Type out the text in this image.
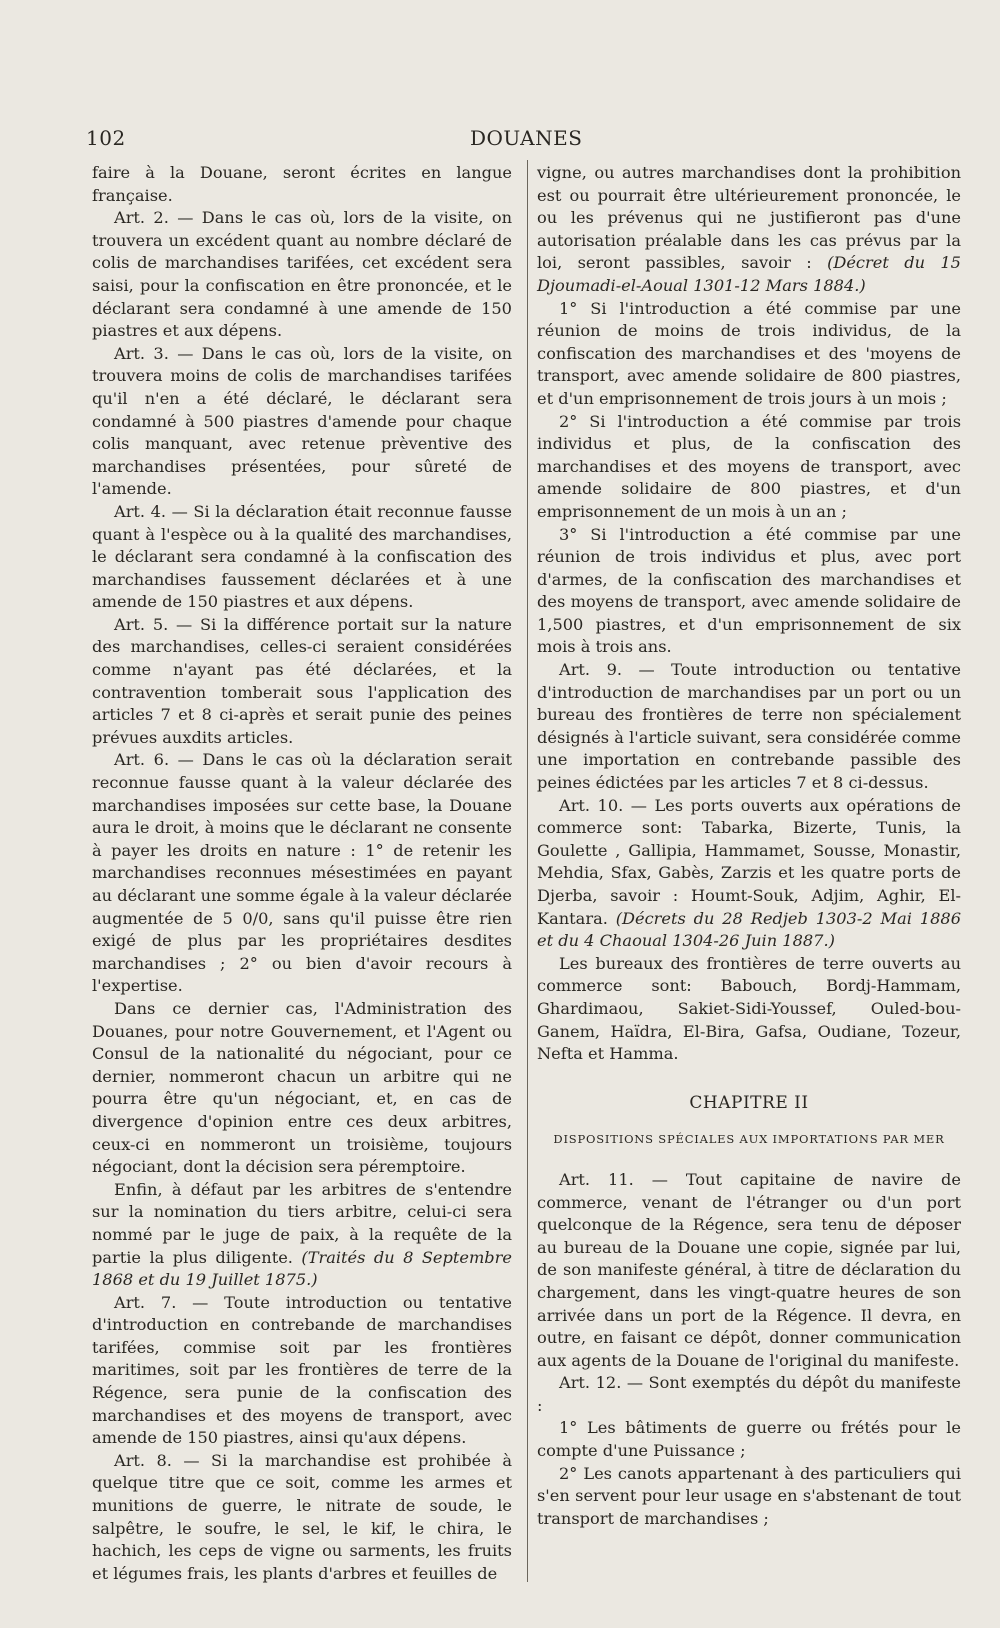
102	DOUANES

faire à la Douane, seront écrites en langue française.

Art. 2. — Dans le cas où, lors de la visite, on trouvera un excédent quant au nombre déclaré de colis de marchandises tarifées, cet excédent sera saisi, pour la confiscation en être prononcée, et le déclarant sera condamné à une amende de 150 piastres et aux dépens.

Art. 3. — Dans le cas où, lors de la visite, on trouvera moins de colis de marchandises tarifées qu'il n'en a été déclaré, le déclarant sera condamné à 500 piastres d'amende pour chaque colis manquant, avec retenue prèventive des marchandises présentées, pour sûreté de l'amende.

Art. 4. — Si la déclaration était reconnue fausse quant à l'espèce ou à la qualité des marchandises, le déclarant sera condamné à la confiscation des marchandises faussement déclarées et à une amende de 150 piastres et aux dépens.

Art. 5. — Si la différence portait sur la nature des marchandises, celles-ci seraient considérées comme n'ayant pas été déclarées, et la contravention tomberait sous l'application des articles 7 et 8 ci-après et serait punie des peines prévues auxdits articles.

Art. 6. — Dans le cas où la déclaration serait reconnue fausse quant à la valeur déclarée des marchandises imposées sur cette base, la Douane aura le droit, à moins que le déclarant ne consente à payer les droits en nature : 1° de retenir les marchandises reconnues mésestimées en payant au déclarant une somme égale à la valeur déclarée augmentée de 5 0/0, sans qu'il puisse être rien exigé de plus par les propriétaires desdites marchandises ; 2° ou bien d'avoir recours à l'expertise.

Dans ce dernier cas, l'Administration des Douanes, pour notre Gouvernement, et l'Agent ou Consul de la nationalité du négociant, pour ce dernier, nommeront chacun un arbitre qui ne pourra être qu'un négociant, et, en cas de divergence d'opinion entre ces deux arbitres, ceux-ci en nommeront un troisième, toujours négociant, dont la décision sera péremptoire.

Enfin, à défaut par les arbitres de s'entendre sur la nomination du tiers arbitre, celui-ci sera nommé par le juge de paix, à la requête de la partie la plus diligente. (Traités du 8 Septembre 1868 et du 19 Juillet 1875.)

Art. 7. — Toute introduction ou tentative d'introduction en contrebande de marchandises tarifées, commise soit par les frontières maritimes, soit par les frontières de terre de la Régence, sera punie de la confiscation des marchandises et des moyens de transport, avec amende de 150 piastres, ainsi qu'aux dépens.

Art. 8. — Si la marchandise est prohibée à quelque titre que ce soit, comme les armes et munitions de guerre, le nitrate de soude, le salpêtre, le soufre, le sel, le kif, le chira, le hachich, les ceps de vigne ou sarments, les fruits et légumes frais, les plants d'arbres et feuilles de

vigne, ou autres marchandises dont la prohibition est ou pourrait être ultérieurement prononcée, le ou les prévenus qui ne justifieront pas d'une autorisation préalable dans les cas prévus par la loi, seront passibles, savoir : (Décret du 15 Djoumadi-el-Aoual 1301-12 Mars 1884.)

1° Si l'introduction a été commise par une réunion de moins de trois individus, de la confiscation des marchandises et des 'moyens de transport, avec amende solidaire de 800 piastres, et d'un emprisonnement de trois jours à un mois ;

2° Si l'introduction a été commise par trois individus et plus, de la confiscation des marchandises et des moyens de transport, avec amende solidaire de 800 piastres, et d'un emprisonnement de un mois à un an ;

3° Si l'introduction a été commise par une réunion de trois individus et plus, avec port d'armes, de la confiscation des marchandises et des moyens de transport, avec amende solidaire de 1,500 piastres, et d'un emprisonnement de six mois à trois ans.

Art. 9. — Toute introduction ou tentative d'introduction de marchandises par un port ou un bureau des frontières de terre non spécialement désignés à l'article suivant, sera considérée comme une importation en contrebande passible des peines édictées par les articles 7 et 8 ci-dessus.

Art. 10. — Les ports ouverts aux opérations de commerce sont: Tabarka, Bizerte, Tunis, la Goulette , Gallipia, Hammamet, Sousse, Monastir, Mehdia, Sfax, Gabès, Zarzis et les quatre ports de Djerba, savoir : Houmt-Souk, Adjim, Aghir, El-Kantara. (Décrets du 28 Redjeb 1303-2 Mai 1886 et du 4 Chaoual 1304-26 Juin 1887.)

Les bureaux des frontières de terre ouverts au commerce sont: Babouch, Bordj-Hammam, Ghardimaou, Sakiet-Sidi-Youssef, Ouled-bou-Ganem, Haïdra, El-Bira, Gafsa, Oudiane, Tozeur, Nefta et Hamma.

CHAPITRE II

DISPOSITIONS SPÉCIALES AUX IMPORTATIONS PAR MER

Art. 11. — Tout capitaine de navire de commerce, venant de l'étranger ou d'un port quelconque de la Régence, sera tenu de déposer au bureau de la Douane une copie, signée par lui, de son manifeste général, à titre de déclaration du chargement, dans les vingt-quatre heures de son arrivée dans un port de la Régence. Il devra, en outre, en faisant ce dépôt, donner communication aux agents de la Douane de l'original du manifeste.

Art. 12. — Sont exemptés du dépôt du manifeste :

1° Les bâtiments de guerre ou frétés pour le compte d'une Puissance ;

2° Les canots appartenant à des particuliers qui s'en servent pour leur usage en s'abstenant de tout transport de marchandises ;
